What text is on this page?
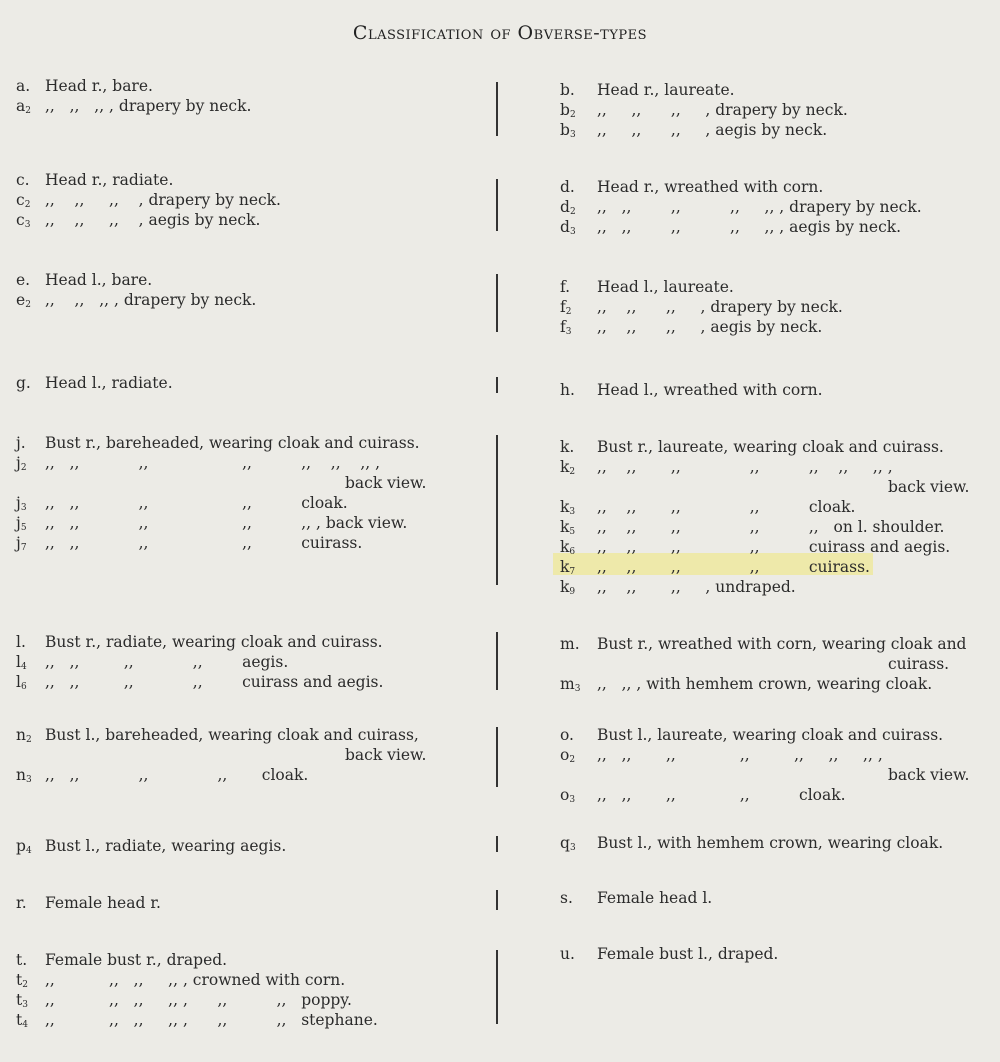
Classification of Obverse-types
a. Head r., bare.
$a_2$ ,,   ,,   ,, , drapery by neck.
c. Head r., radiate.
$c_2$ ,,    ,,     ,,    , drapery by neck.
$c_3$ ,,    ,,     ,,    , aegis by neck.
e. Head l., bare.
$e_2$ ,,    ,,   ,, , drapery by neck.
g. Head l., radiate.
j. Bust r., bareheaded, wearing cloak and cuirass.
$j_2$ ,,   ,,            ,,                   ,,          ,,    ,,    ,, ,
back view.
$j_3$ ,,   ,,            ,,                   ,,          cloak.
$j_5$ ,,   ,,            ,,                   ,,          ,, , back view.
$j_7$ ,,   ,,            ,,                   ,,          cuirass.
l. Bust r., radiate, wearing cloak and cuirass.
$l_4$ ,,   ,,         ,,            ,,        aegis.
$l_6$ ,,   ,,         ,,            ,,        cuirass and aegis.
$n_2$ Bust l., bareheaded, wearing cloak and cuirass,
back view.
$n_3$ ,,   ,,            ,,              ,,       cloak.
$p_4$ Bust l., radiate, wearing aegis.
r. Female head r.
t. Female bust r., draped.
$t_2$ ,,           ,,   ,,     ,, , crowned with corn.
$t_3$ ,,           ,,   ,,     ,, ,      ,,          ,,   poppy.
$t_4$ ,,           ,,   ,,     ,, ,      ,,          ,,   stephane.
b. Head r., laureate.
$b_2$ ,,     ,,      ,,     , drapery by neck.
$b_3$ ,,     ,,      ,,     , aegis by neck.
d. Head r., wreathed with corn.
$d_2$ ,,   ,,        ,,          ,,     ,, , drapery by neck.
$d_3$ ,,   ,,        ,,          ,,     ,, , aegis by neck.
f. Head l., laureate.
$f_2$ ,,    ,,      ,,     , drapery by neck.
$f_3$ ,,    ,,      ,,     , aegis by neck.
h. Head l., wreathed with corn.
k. Bust r., laureate, wearing cloak and cuirass.
$k_2$ ,,    ,,       ,,              ,,          ,,    ,,     ,, ,
back view.
$k_3$ ,,    ,,       ,,              ,,          cloak.
$k_5$ ,,    ,,       ,,              ,,          ,,   on l. shoulder.
$k_6$ ,,    ,,       ,,              ,,          cuirass and aegis.
$k_7$ ,,    ,,       ,,              ,,          cuirass.
$k_9$ ,,    ,,       ,,     , undraped.
m. Bust r., wreathed with corn, wearing cloak and
cuirass.
$m_3$ ,,   ,, , with hemhem crown, wearing cloak.
o. Bust l., laureate, wearing cloak and cuirass.
$o_2$ ,,   ,,       ,,             ,,         ,,     ,,     ,, ,
back view.
$o_3$ ,,   ,,       ,,             ,,          cloak.
$q_3$ Bust l., with hemhem crown, wearing cloak.
s. Female head l.
u. Female bust l., draped.
